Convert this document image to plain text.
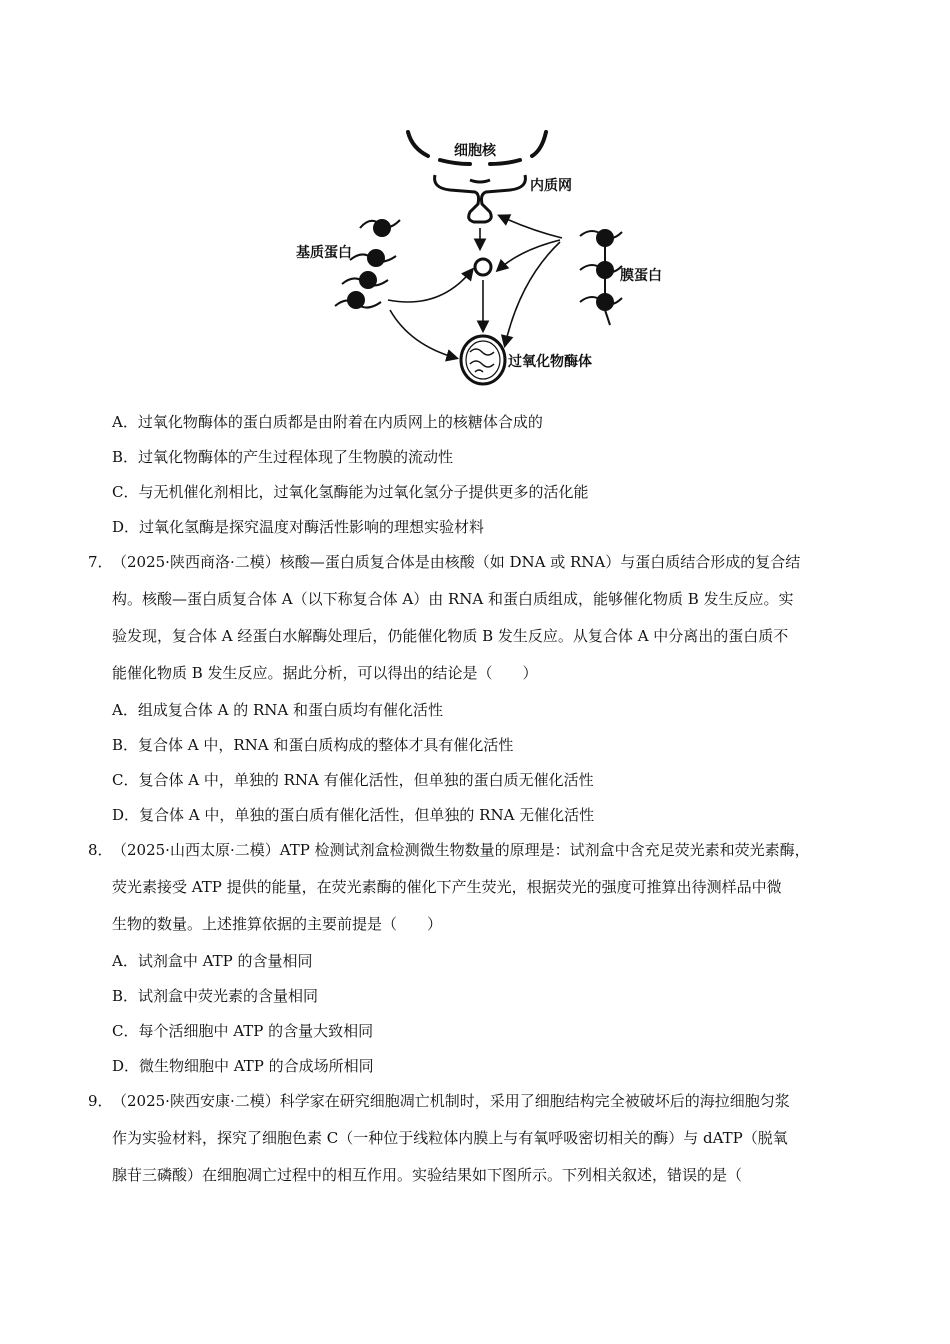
细胞核
内质网
基质蛋白
膜蛋白
过氧化物酶体
A．过氧化物酶体的蛋白质都是由附着在内质网上的核糖体合成的
B．过氧化物酶体的产生过程体现了生物膜的流动性
C．与无机催化剂相比，过氧化氢酶能为过氧化氢分子提供更多的活化能
D．过氧化氢酶是探究温度对酶活性影响的理想实验材料
7． （2025·陕西商洛·二模）核酸—蛋白质复合体是由核酸（如 DNA 或 RNA）与蛋白质结合形成的复合结
构。核酸—蛋白质复合体 A（以下称复合体 A）由 RNA 和蛋白质组成，能够催化物质 B 发生反应。实
验发现，复合体 A 经蛋白水解酶处理后，仍能催化物质 B 发生反应。从复合体 A 中分离出的蛋白质不
能催化物质 B 发生反应。据此分析，可以得出的结论是（　　）
A．组成复合体 A 的 RNA 和蛋白质均有催化活性
B．复合体 A 中，RNA 和蛋白质构成的整体才具有催化活性
C．复合体 A 中，单独的 RNA 有催化活性，但单独的蛋白质无催化活性
D．复合体 A 中，单独的蛋白质有催化活性，但单独的 RNA 无催化活性
8． （2025·山西太原·二模）ATP 检测试剂盒检测微生物数量的原理是：试剂盒中含充足荧光素和荧光素酶，
荧光素接受 ATP 提供的能量，在荧光素酶的催化下产生荧光，根据荧光的强度可推算出待测样品中微
生物的数量。上述推算依据的主要前提是（　　）
A．试剂盒中 ATP 的含量相同
B．试剂盒中荧光素的含量相同
C．每个活细胞中 ATP 的含量大致相同
D．微生物细胞中 ATP 的合成场所相同
9． （2025·陕西安康·二模）科学家在研究细胞凋亡机制时，采用了细胞结构完全被破坏后的海拉细胞匀浆
作为实验材料，探究了细胞色素 C（一种位于线粒体内膜上与有氧呼吸密切相关的酶）与 dATP（脱氧
腺苷三磷酸）在细胞凋亡过程中的相互作用。实验结果如下图所示。下列相关叙述，错误的是（
